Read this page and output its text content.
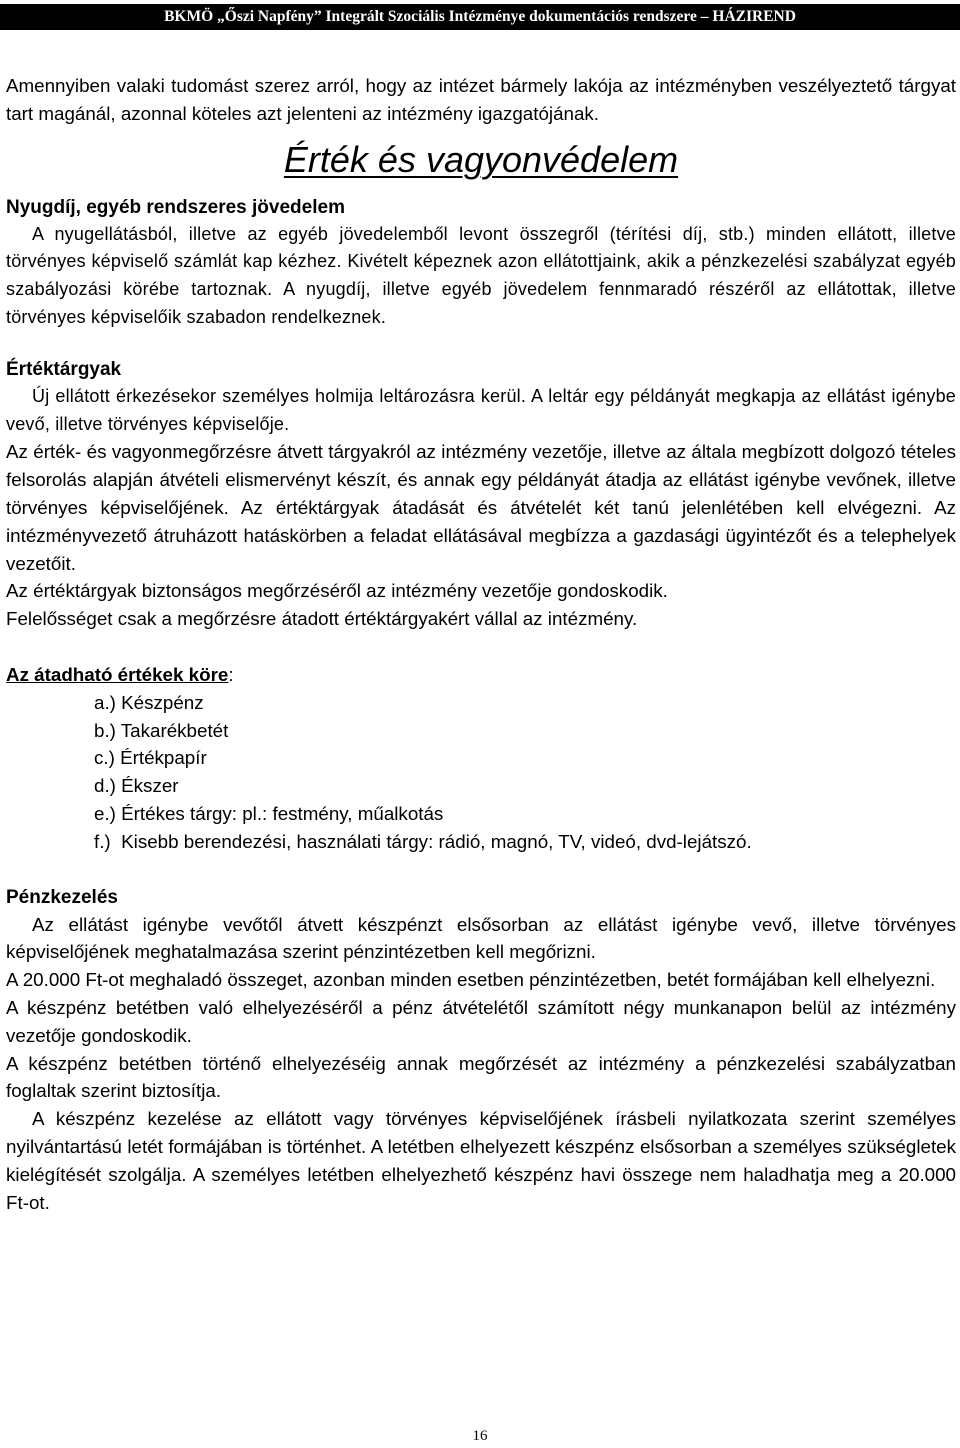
BKMÖ „Őszi Napfény” Integrált Szociális Intézménye dokumentációs rendszere – HÁZIREND

Amennyiben valaki tudomást szerez arról, hogy az intézet bármely lakója az intézményben veszélyeztető tárgyat tart magánál, azonnal köteles azt jelenteni az intézmény igazgatójának.

Érték és vagyonvédelem
Nyugdíj, egyéb rendszeres jövedelem

A nyugellátásból, illetve az egyéb jövedelemből levont összegről (térítési díj, stb.) minden ellátott, illetve törvényes képviselő számlát kap kézhez. Kivételt képeznek azon ellátottjaink, akik a pénzkezelési szabályzat egyéb szabályozási körébe tartoznak. A nyugdíj, illetve egyéb jövedelem fennmaradó részéről az ellátottak, illetve törvényes képviselőik szabadon rendelkeznek.

Értéktárgyak

Új ellátott érkezésekor személyes holmija leltározásra kerül. A leltár egy példányát megkapja az ellátást igénybe vevő, illetve törvényes képviselője.

Az érték- és vagyonmegőrzésre átvett tárgyakról az intézmény vezetője, illetve az általa megbízott dolgozó tételes felsorolás alapján átvételi elismervényt készít, és annak egy példányát átadja az ellátást igénybe vevőnek, illetve törvényes képviselőjének. Az értéktárgyak átadását és átvételét két tanú jelenlétében kell elvégezni. Az intézményvezető átruházott hatáskörben a feladat ellátásával megbízza a gazdasági ügyintézőt és a telephelyek vezetőit.

Az értéktárgyak biztonságos megőrzéséről az intézmény vezetője gondoskodik.

Felelősséget csak a megőrzésre átadott értéktárgyakért vállal az intézmény.

Az átadható értékek köre:

a.) Készpénz
b.) Takarékbetét
c.) Értékpapír
d.) Ékszer
e.) Értékes tárgy: pl.: festmény, műalkotás
f.)  Kisebb berendezési, használati tárgy: rádió, magnó, TV, videó, dvd-lejátszó.
Pénzkezelés

Az ellátást igénybe vevőtől átvett készpénzt elsősorban az ellátást igénybe vevő, illetve törvényes képviselőjének meghatalmazása szerint pénzintézetben kell megőrizni.

A 20.000 Ft-ot meghaladó összeget, azonban minden esetben pénzintézetben, betét formájában kell elhelyezni.

A készpénz betétben való elhelyezéséről a pénz átvételétől számított négy munkanapon belül az intézmény vezetője gondoskodik.

A készpénz betétben történő elhelyezéséig annak megőrzését az intézmény a pénzkezelési szabályzatban foglaltak szerint biztosítja.

A készpénz kezelése az ellátott vagy törvényes képviselőjének írásbeli nyilatkozata szerint személyes nyilvántartású letét formájában is történhet. A letétben elhelyezett készpénz elsősorban a személyes szükségletek kielégítését szolgálja. A személyes letétben elhelyezhető készpénz havi összege nem haladhatja meg a 20.000 Ft-ot.

16
